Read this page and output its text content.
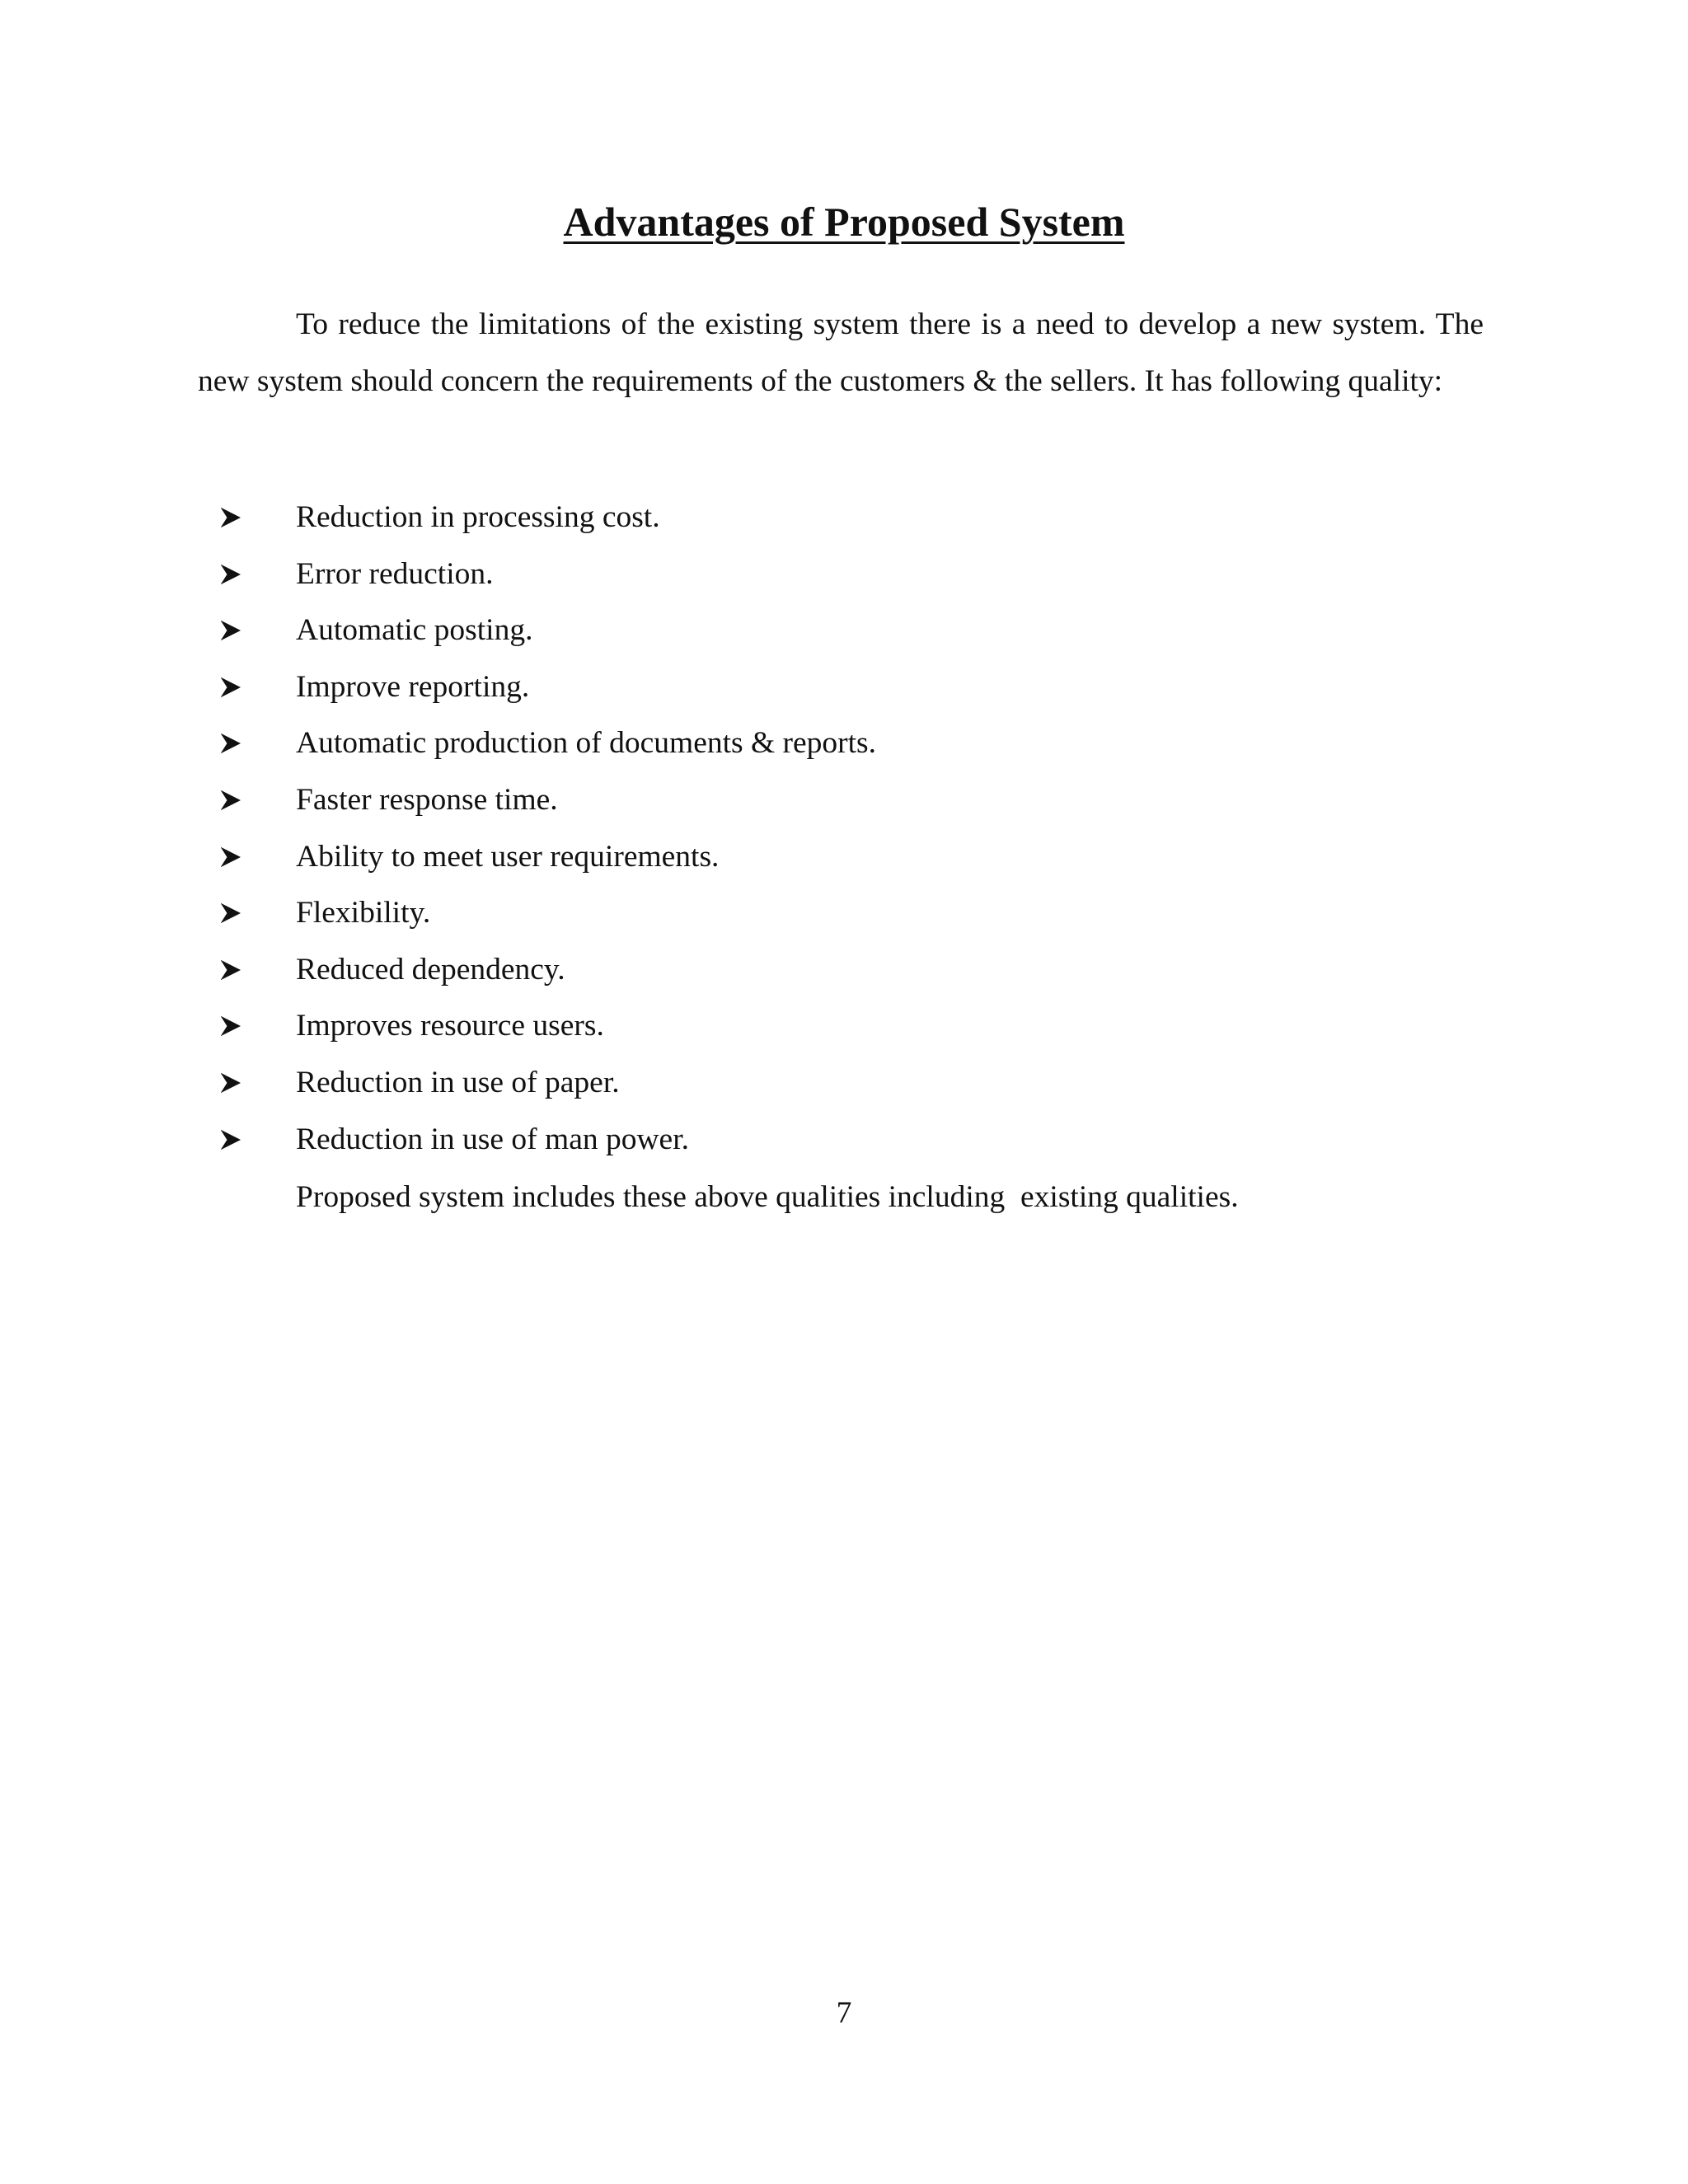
Advantages of Proposed System

To reduce the limitations of the existing system there is a need to develop a new system. The new system should concern the requirements of the customers & the sellers. It has following quality:

Reduction in processing cost.
Error reduction.
Automatic posting.
Improve reporting.
Automatic production of documents & reports.
Faster response time.
Ability to meet user requirements.
Flexibility.
Reduced dependency.
Improves resource users.
Reduction in use of paper.
Reduction in use of man power.

Proposed system includes these above qualities including  existing qualities.

7
